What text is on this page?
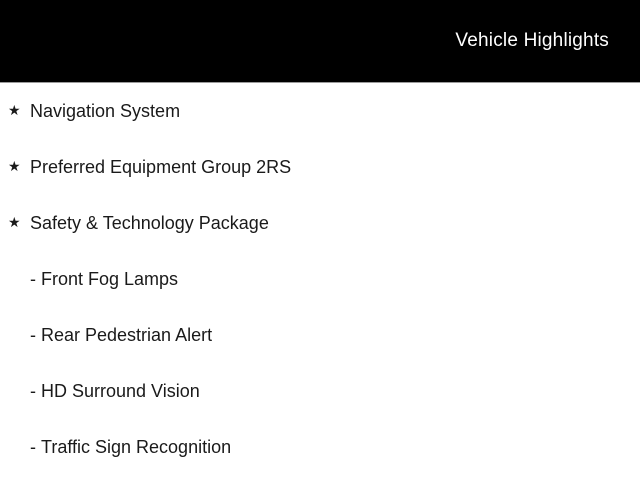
Vehicle Highlights
★ Navigation System
★ Preferred Equipment Group 2RS
★ Safety & Technology Package
- Front Fog Lamps
- Rear Pedestrian Alert
- HD Surround Vision
- Traffic Sign Recognition
